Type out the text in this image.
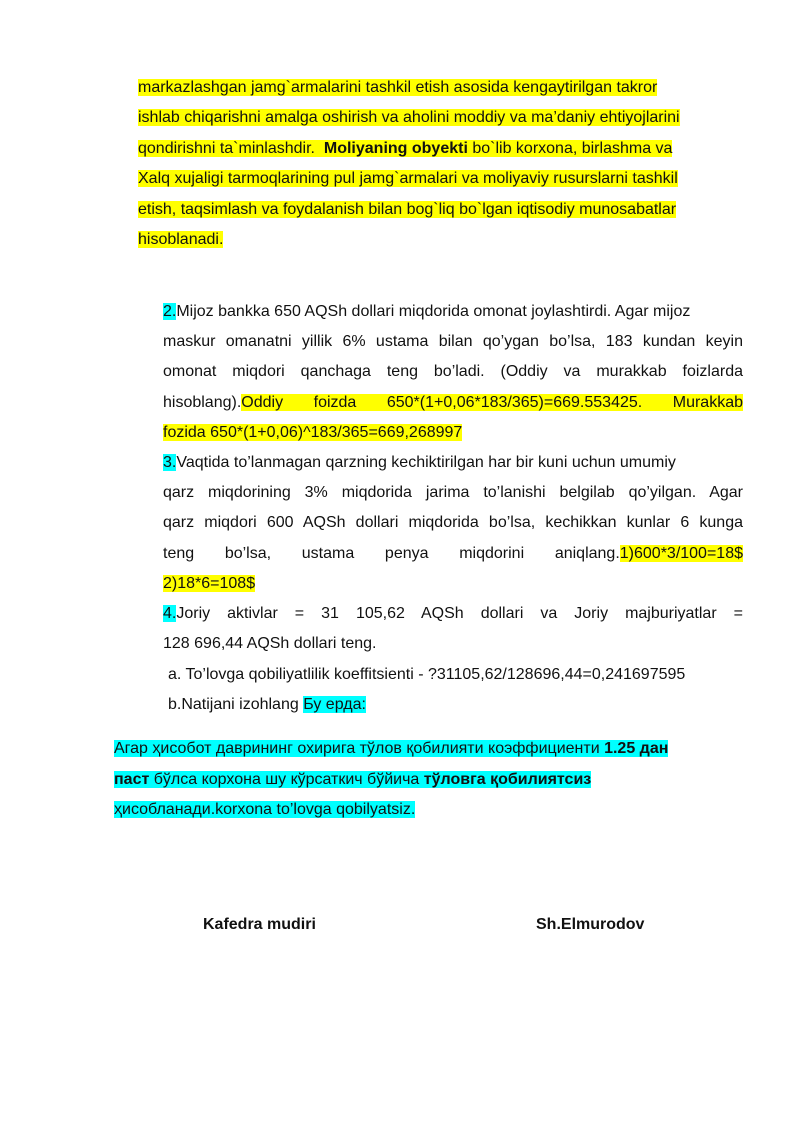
markazlashgan jamg`armalarini tashkil etish asosida kengaytirilgan takror
ishlab chiqarishni amalga oshirish va aholini moddiy va ma’daniy ehtiyojlarini
qondirishni ta`minlashdir. Moliyaning obyekti bo`lib korxona, birlashma va
Xalq xujaligi tarmoqlarining pul jamg`armalari va moliyaviy rusurslarni tashkil
etish, taqsimlash va foydalanish bilan bog`liq bo`lgan iqtisodiy munosabatlar
hisoblanadi.
2.Mijoz bankka 650 AQSh dollari miqdorida omonat joylashtirdi. Agar mijoz
maskur omanatni yillik 6% ustama bilan qo’ygan bo’lsa, 183 kundan keyin
omonat miqdori qanchaga teng bo’ladi. (Oddiy va murakkab foizlarda
hisoblang).Oddiy foizda 650*(1+0,06*183/365)=669.553425. Murakkab
fozida 650*(1+0,06)^183/365=669,268997
3.Vaqtida to’lanmagan qarzning kechiktirilgan har bir kuni uchun umumiy
qarz miqdorining 3% miqdorida jarima to’lanishi belgilab qo’yilgan. Agar
qarz miqdori 600 AQSh dollari miqdorida bo’lsa, kechikkan kunlar 6 kunga
teng bo’lsa, ustama penya miqdorini aniqlang.1)600*3/100=18$
2)18*6=108$
4.Joriy aktivlar = 31 105,62 AQSh dollari va Joriy majburiyatlar =
128 696,44 AQSh dollari teng.
a. To’lovga qobiliyatlilik koeffitsienti - ?31105,62/128696,44=0,241697595
b.Natijani izohlang Бу ерда:
Агар ҳисобот даврининг охирига тўлов қобилияти коэффициенти 1.25 дан
паст бўлса корхона шу кўрсаткич бўйича тўловга қобилиятсиз
ҳисобланади.korxona to’lovga qobilyatsiz.
Kafedra mudiri	Sh.Elmurodov
